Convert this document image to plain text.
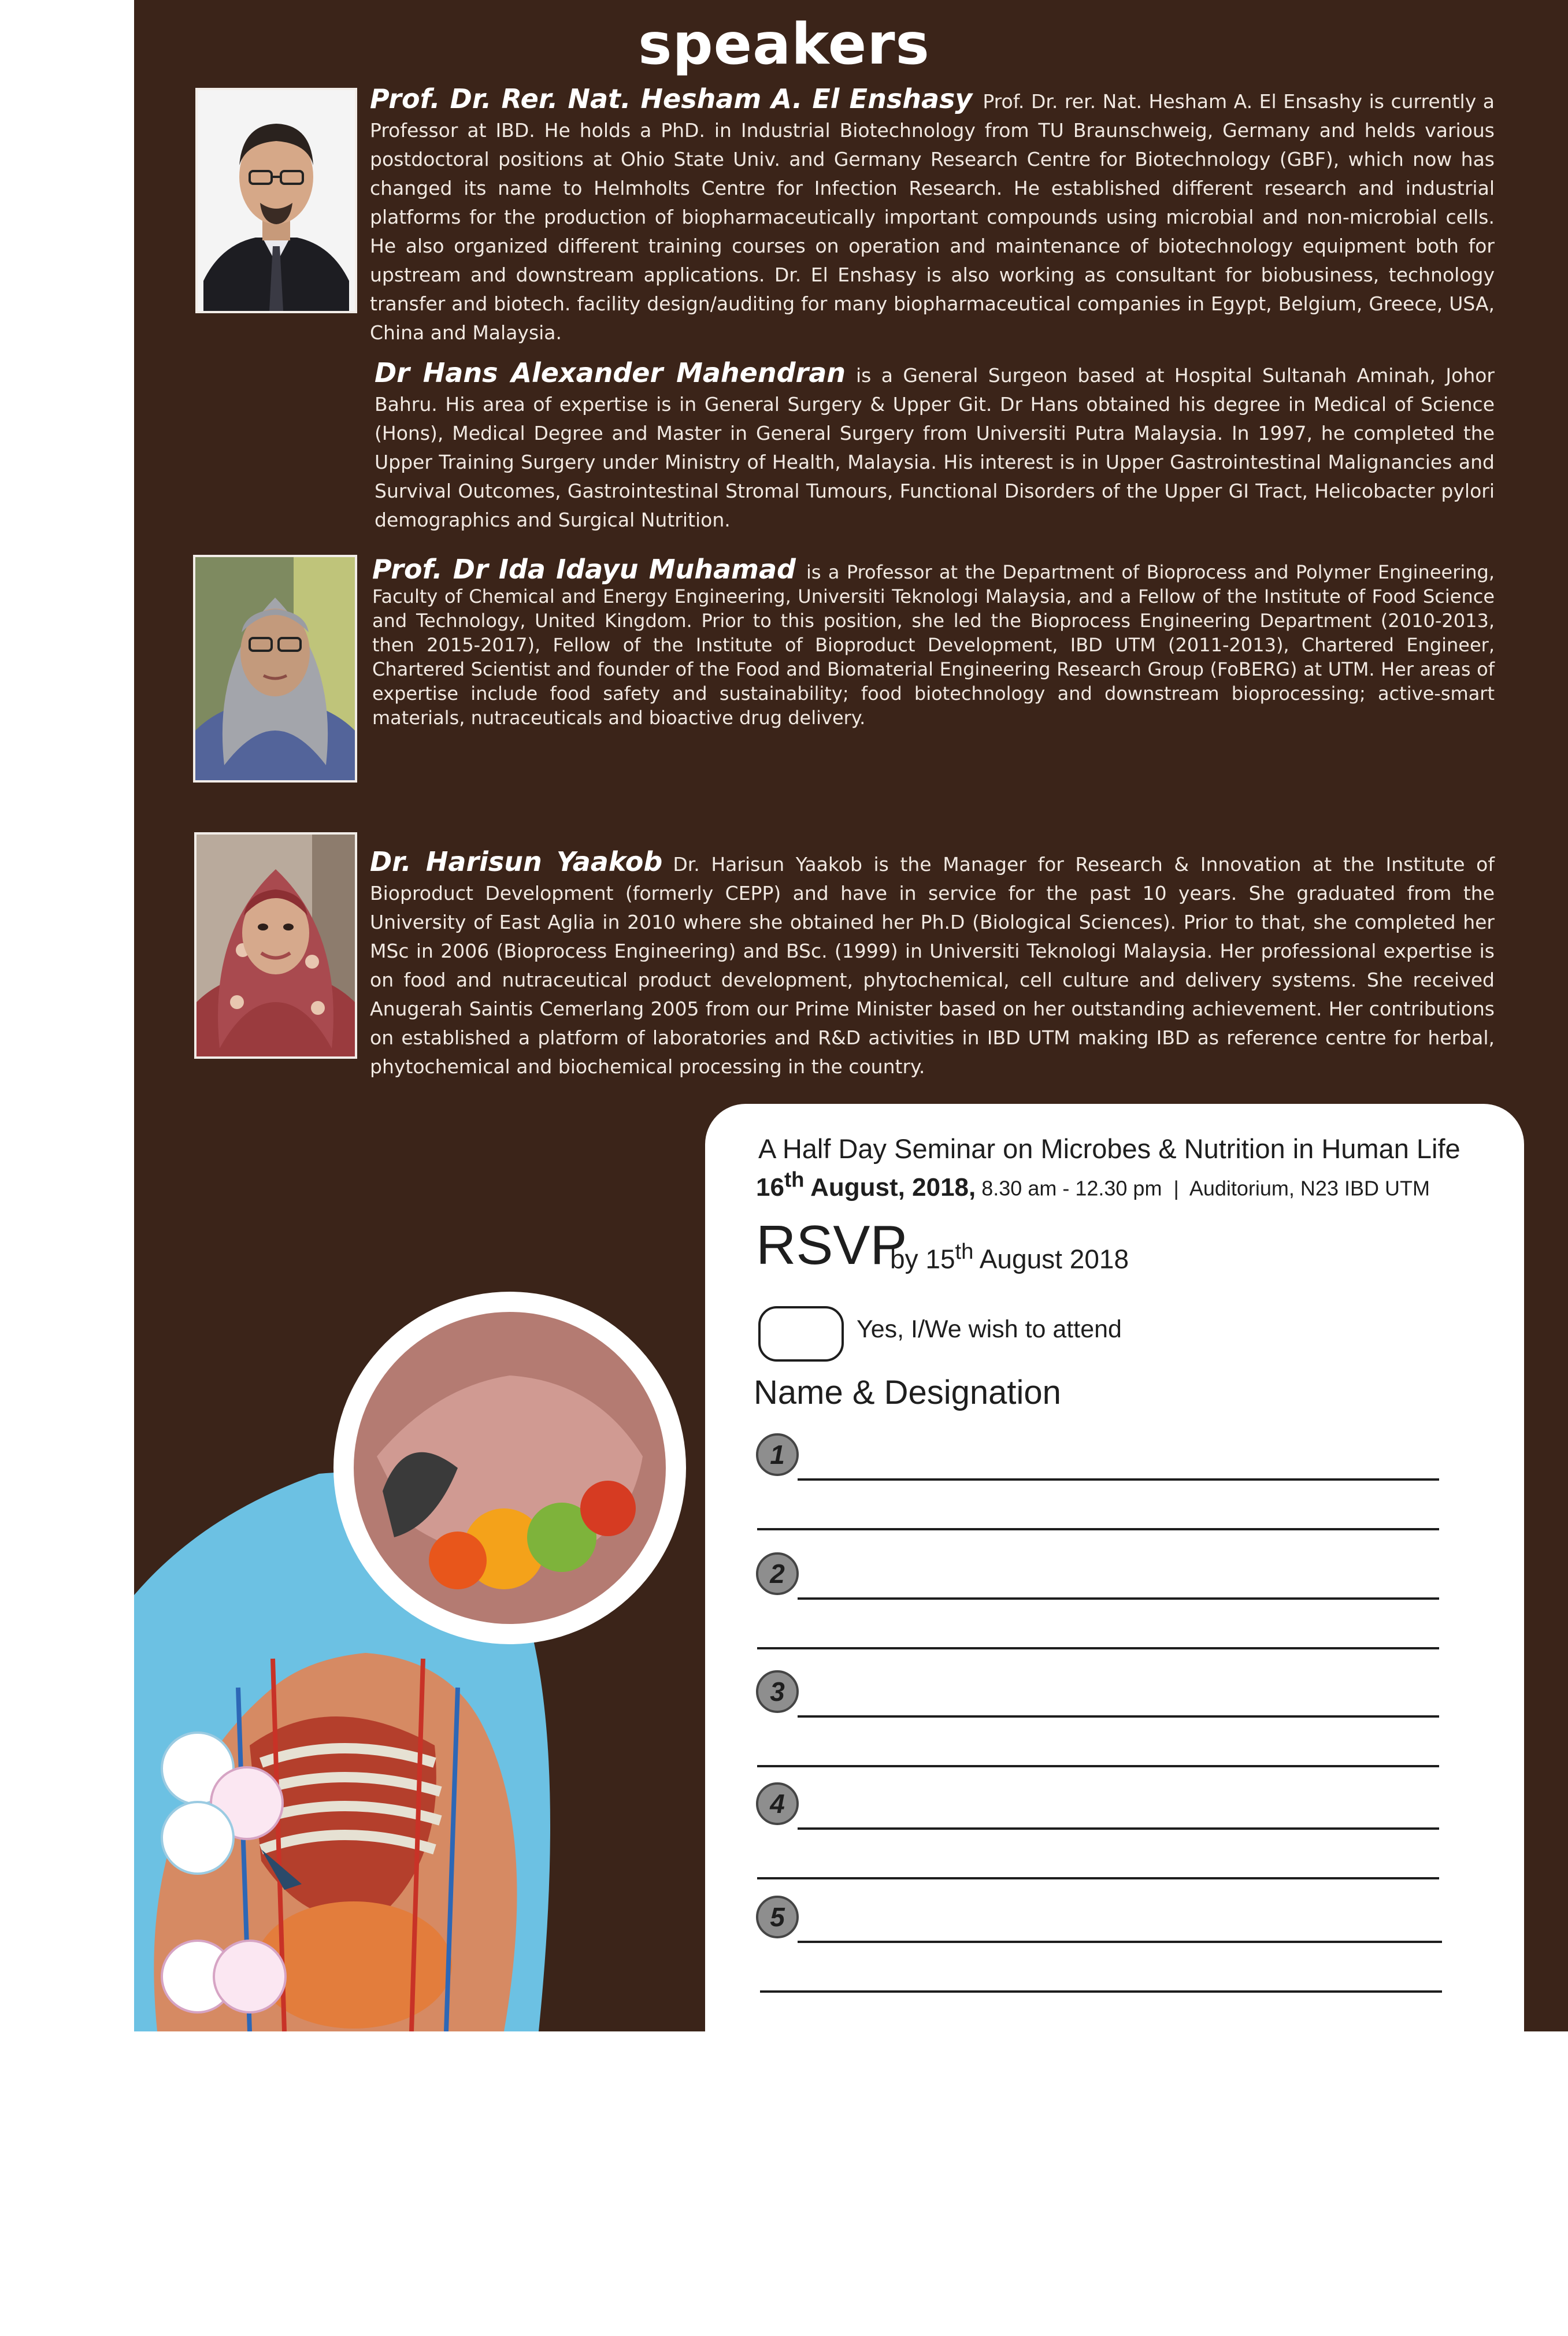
speakers

Prof. Dr. Rer. Nat. Hesham A. El Enshasy Prof. Dr. rer. Nat. Hesham A. El Ensashy is currently a Professor at IBD. He holds a PhD. in Industrial Biotechnology from TU Braunschweig, Germany and helds various postdoctoral positions at Ohio State Univ. and Germany Research Centre for Biotechnology (GBF), which now has changed its name to Helmholts Centre for Infection Research. He established different research and industrial platforms for the production of biopharmaceutically important compounds using microbial and non-microbial cells. He also organized different training courses on operation and maintenance of biotechnology equipment both for upstream and downstream applications. Dr. El Enshasy is also working as consultant for biobusiness, technology transfer and biotech. facility design/auditing for many biopharmaceutical companies in Egypt, Belgium, Greece, USA, China and Malaysia.

Dr Hans Alexander Mahendran is a General Surgeon based at Hospital Sultanah Aminah, Johor Bahru. His area of expertise is in General Surgery & Upper Git. Dr Hans obtained his degree in Medical of Science (Hons), Medical Degree and Master in General Surgery from Universiti Putra Malaysia. In 1997, he completed the Upper Training Surgery under Ministry of Health, Malaysia. His interest is in Upper Gastrointestinal Malignancies and Survival Outcomes, Gastrointestinal Stromal Tumours, Functional Disorders of the Upper GI Tract, Helicobacter pylori demographics and Surgical Nutrition.

Prof. Dr Ida Idayu Muhamad is a Professor at the Department of Bioprocess and Polymer Engineering, Faculty of Chemical and Energy Engineering, Universiti Teknologi Malaysia, and a Fellow of the Institute of Food Science and Technology, United Kingdom. Prior to this position, she led the Bioprocess Engineering Department (2010-2013, then 2015-2017), Fellow of the Institute of Bioproduct Development, IBD UTM (2011-2013), Chartered Engineer, Chartered Scientist and founder of the Food and Biomaterial Engineering Research Group (FoBERG) at UTM. Her areas of expertise include food safety and sustainability; food biotechnology and downstream bioprocessing; active-smart materials, nutraceuticals and bioactive drug delivery.

Dr. Harisun Yaakob Dr. Harisun Yaakob is the Manager for Research & Innovation at the Institute of Bioproduct Development (formerly CEPP) and have in service for the past 10 years. She graduated from the University of East Aglia in 2010 where she obtained her Ph.D (Biological Sciences). Prior to that, she completed her MSc in 2006 (Bioprocess Engineering) and BSc. (1999) in Universiti Teknologi Malaysia. Her professional expertise is on food and nutraceutical product development, phytochemical, cell culture and delivery systems. She received Anugerah Saintis Cemerlang 2005 from our Prime Minister based on her outstanding achievement. Her contributions on established a platform of laboratories and R&D activities in IBD UTM making IBD as reference centre for herbal, phytochemical and biochemical processing in the country.

A Half Day Seminar on Microbes & Nutrition in Human Life
16th August, 2018, 8.30 am - 12.30 pm | Auditorium, N23 IBD UTM
RSVP
by 15th August 2018
Yes, I/We wish to attend
Name & Designation
1
2
3
4
5
